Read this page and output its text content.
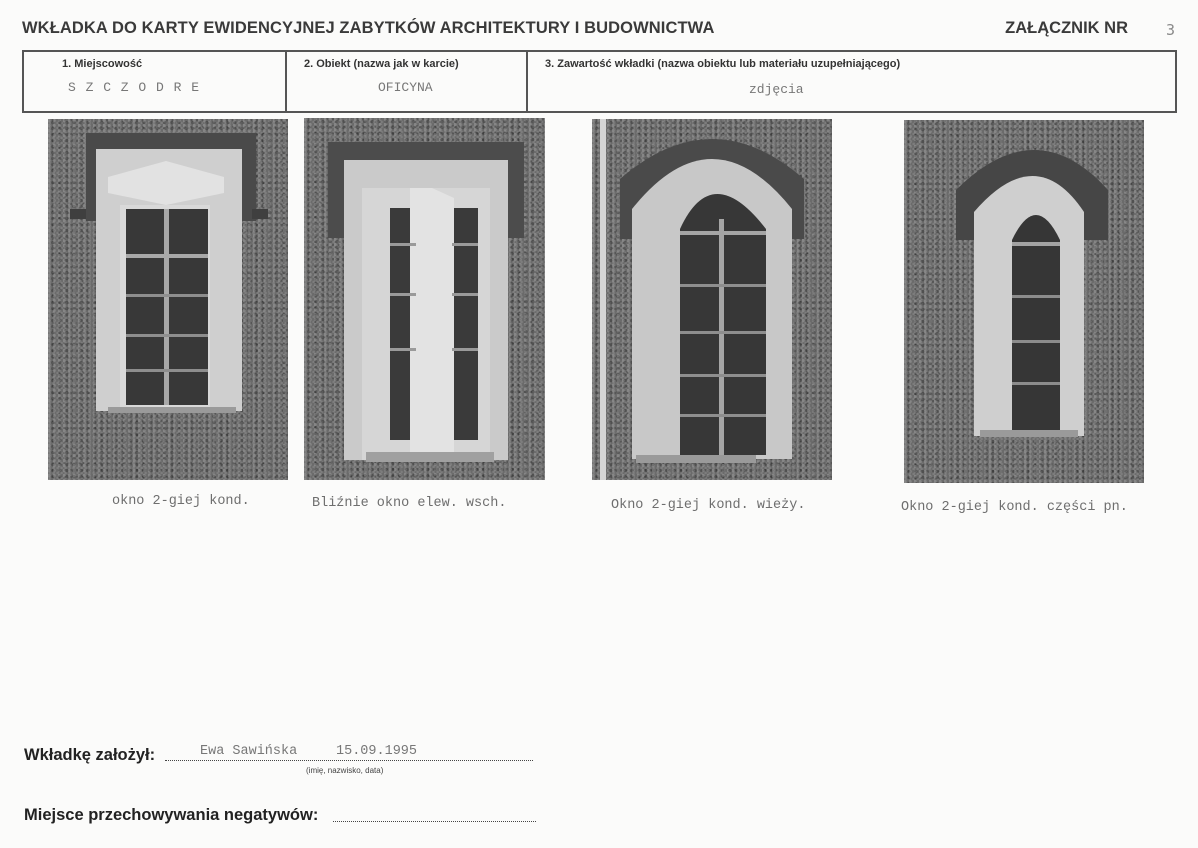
WKŁADKA DO KARTY EWIDENCYJNEJ ZABYTKÓW ARCHITEKTURY I BUDOWNICTWA	ZAŁĄCZNIK NR	3
1. Miejscowość
S Z C Z O D R E
2. Obiekt (nazwa jak w karcie)
OFICYNA
3. Zawartość wkładki (nazwa obiektu lub materiału uzupełniającego)
zdjęcia
okno 2-giej kond.	Bliźnie okno elew. wsch.	Okno 2-giej kond. wieży.	Okno 2-giej kond. części pn.
Wkładkę założył:	Ewa Sawińska	15.09.1995
(imię, nazwisko, data)
Miejsce przechowywania negatywów:
